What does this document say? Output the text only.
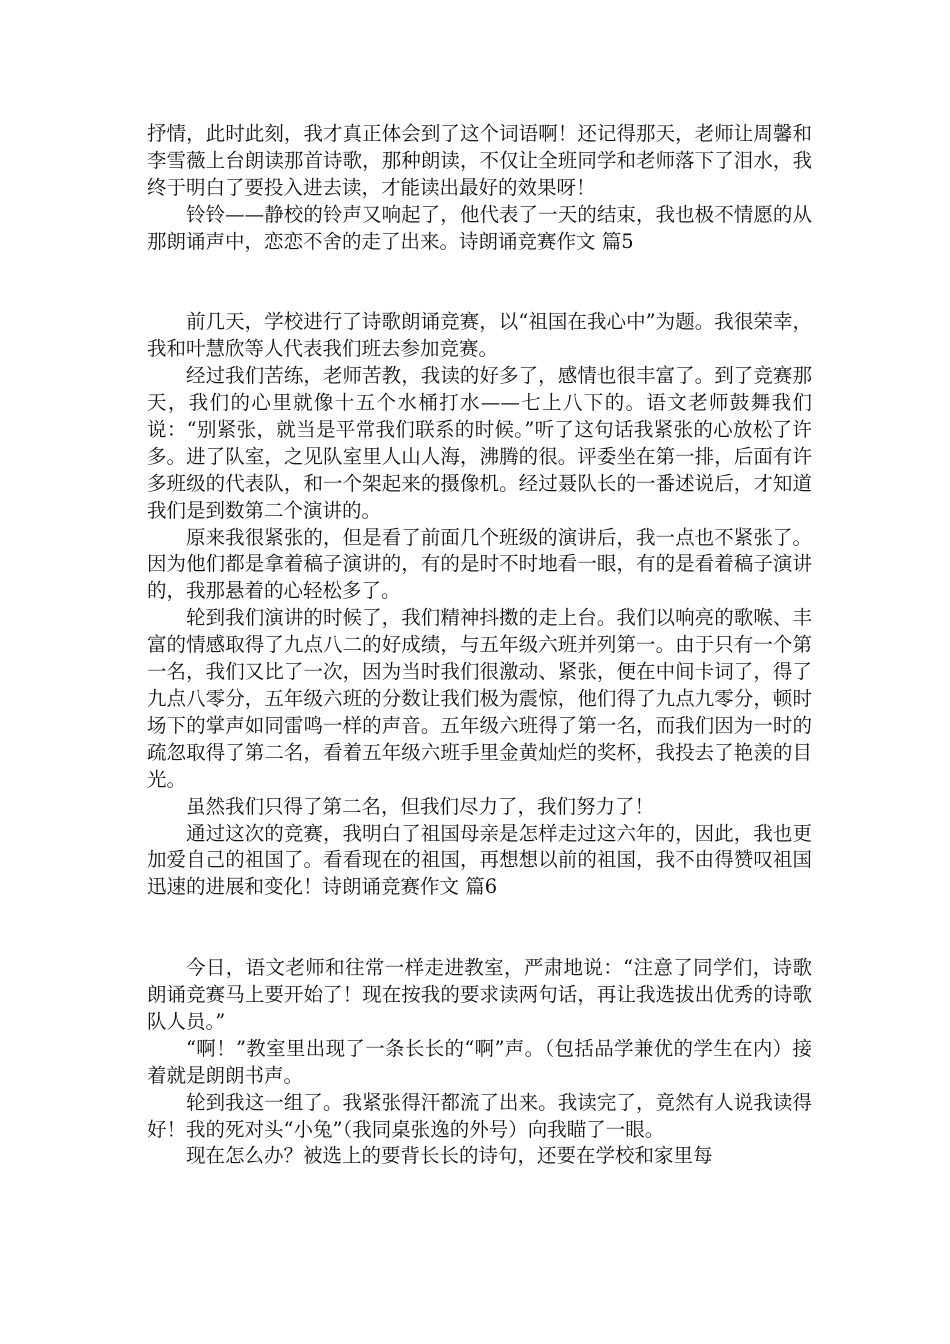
抒情，此时此刻，我才真正体会到了这个词语啊！还记得那天，老师让周馨和李雪薇上台朗读那首诗歌，那种朗读，不仅让全班同学和老师落下了泪水，我终于明白了要投入进去读，才能读出最好的效果呀！

铃铃——静校的铃声又响起了，他代表了一天的结束，我也极不情愿的从那朗诵声中，恋恋不舍的走了出来。诗朗诵竞赛作文 篇5

前几天，学校进行了诗歌朗诵竞赛，以“祖国在我心中”为题。我很荣幸，我和叶慧欣等人代表我们班去参加竞赛。

经过我们苦练，老师苦教，我读的好多了，感情也很丰富了。到了竞赛那天，我们的心里就像十五个水桶打水——七上八下的。语文老师鼓舞我们说：“别紧张，就当是平常我们联系的时候。”听了这句话我紧张的心放松了许多。进了队室，之见队室里人山人海，沸腾的很。评委坐在第一排，后面有许多班级的代表队，和一个架起来的摄像机。经过聂队长的一番述说后，才知道我们是到数第二个演讲的。

原来我很紧张的，但是看了前面几个班级的演讲后，我一点也不紧张了。因为他们都是拿着稿子演讲的，有的是时不时地看一眼，有的是看着稿子演讲的，我那悬着的心轻松多了。

轮到我们演讲的时候了，我们精神抖擞的走上台。我们以响亮的歌喉、丰富的情感取得了九点八二的好成绩，与五年级六班并列第一。由于只有一个第一名，我们又比了一次，因为当时我们很激动、紧张，便在中间卡词了，得了九点八零分，五年级六班的分数让我们极为震惊，他们得了九点九零分，顿时场下的掌声如同雷鸣一样的声音。五年级六班得了第一名，而我们因为一时的疏忽取得了第二名，看着五年级六班手里金黄灿烂的奖杯，我投去了艳羡的目光。

虽然我们只得了第二名，但我们尽力了，我们努力了！

通过这次的竞赛，我明白了祖国母亲是怎样走过这六年的，因此，我也更加爱自己的祖国了。看看现在的祖国，再想想以前的祖国，我不由得赞叹祖国迅速的进展和变化！诗朗诵竞赛作文 篇6

今日，语文老师和往常一样走进教室，严肃地说：“注意了同学们，诗歌朗诵竞赛马上要开始了！现在按我的要求读两句话，再让我选拔出优秀的诗歌队人员。”

“啊！”教室里出现了一条长长的“啊”声。（包括品学兼优的学生在内）接着就是朗朗书声。

轮到我这一组了。我紧张得汗都流了出来。我读完了，竟然有人说我读得好！我的死对头“小兔”（我同桌张逸的外号）向我瞄了一眼。

现在怎么办？被选上的要背长长的诗句，还要在学校和家里每
